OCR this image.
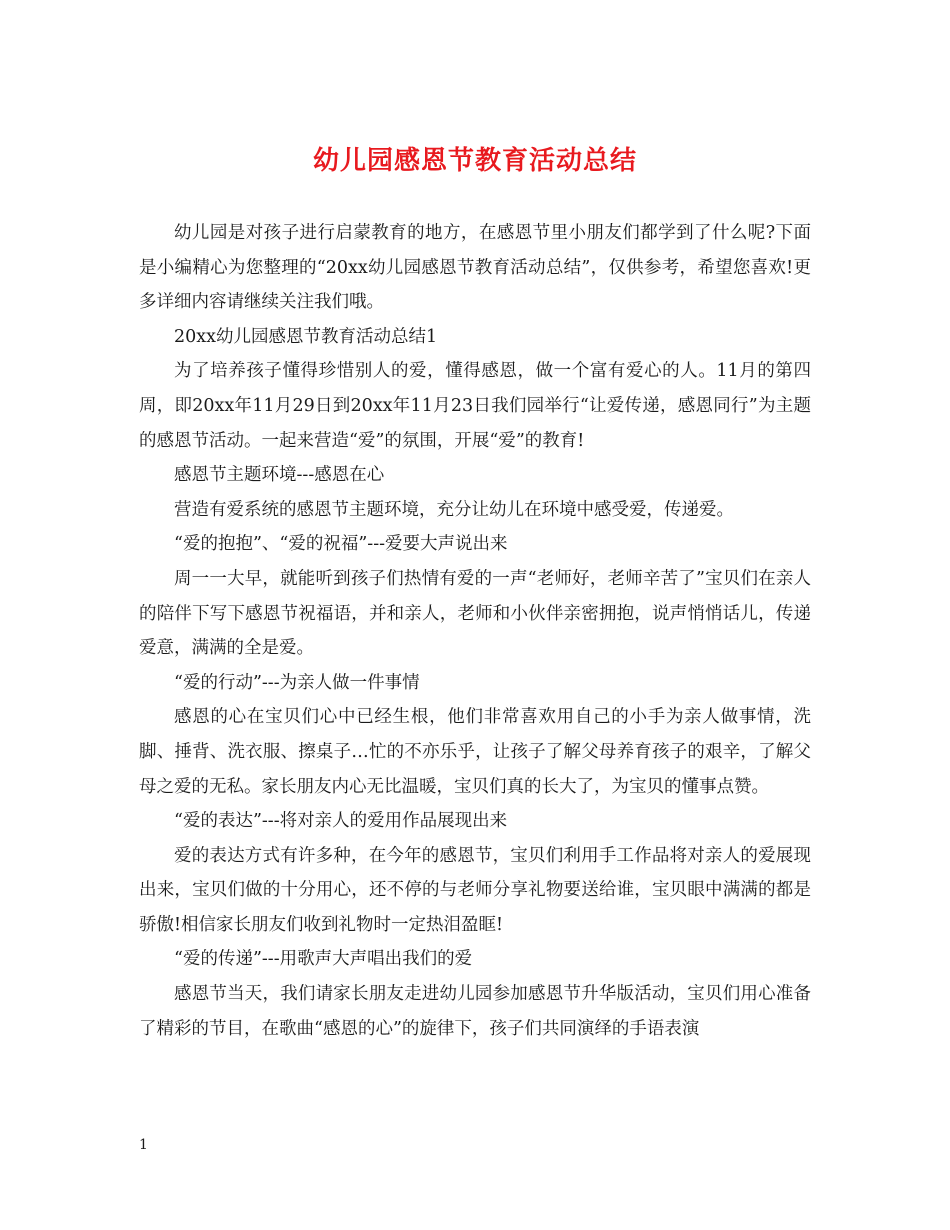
幼儿园感恩节教育活动总结

幼儿园是对孩子进行启蒙教育的地方，在感恩节里小朋友们都学到了什么呢?下面是小编精心为您整理的“20xx幼儿园感恩节教育活动总结”，仅供参考，希望您喜欢!更多详细内容请继续关注我们哦。

20xx幼儿园感恩节教育活动总结1

为了培养孩子懂得珍惜别人的爱，懂得感恩，做一个富有爱心的人。11月的第四周，即20xx年11月29日到20xx年11月23日我们园举行“让爱传递，感恩同行”为主题的感恩节活动。一起来营造“爱”的氛围，开展“爱”的教育!

感恩节主题环境---感恩在心

营造有爱系统的感恩节主题环境，充分让幼儿在环境中感受爱，传递爱。

“爱的抱抱”、“爱的祝福”---爱要大声说出来

周一一大早，就能听到孩子们热情有爱的一声“老师好，老师辛苦了”宝贝们在亲人的陪伴下写下感恩节祝福语，并和亲人，老师和小伙伴亲密拥抱，说声悄悄话儿，传递爱意，满满的全是爱。

“爱的行动”---为亲人做一件事情

感恩的心在宝贝们心中已经生根，他们非常喜欢用自己的小手为亲人做事情，洗脚、捶背、洗衣服、擦桌子…忙的不亦乐乎，让孩子了解父母养育孩子的艰辛，了解父母之爱的无私。家长朋友内心无比温暖，宝贝们真的长大了，为宝贝的懂事点赞。

“爱的表达”---将对亲人的爱用作品展现出来

爱的表达方式有许多种，在今年的感恩节，宝贝们利用手工作品将对亲人的爱展现出来，宝贝们做的十分用心，还不停的与老师分享礼物要送给谁，宝贝眼中满满的都是骄傲!相信家长朋友们收到礼物时一定热泪盈眶!

“爱的传递”---用歌声大声唱出我们的爱

感恩节当天，我们请家长朋友走进幼儿园参加感恩节升华版活动，宝贝们用心准备了精彩的节目，在歌曲“感恩的心”的旋律下，孩子们共同演绎的手语表演

1
